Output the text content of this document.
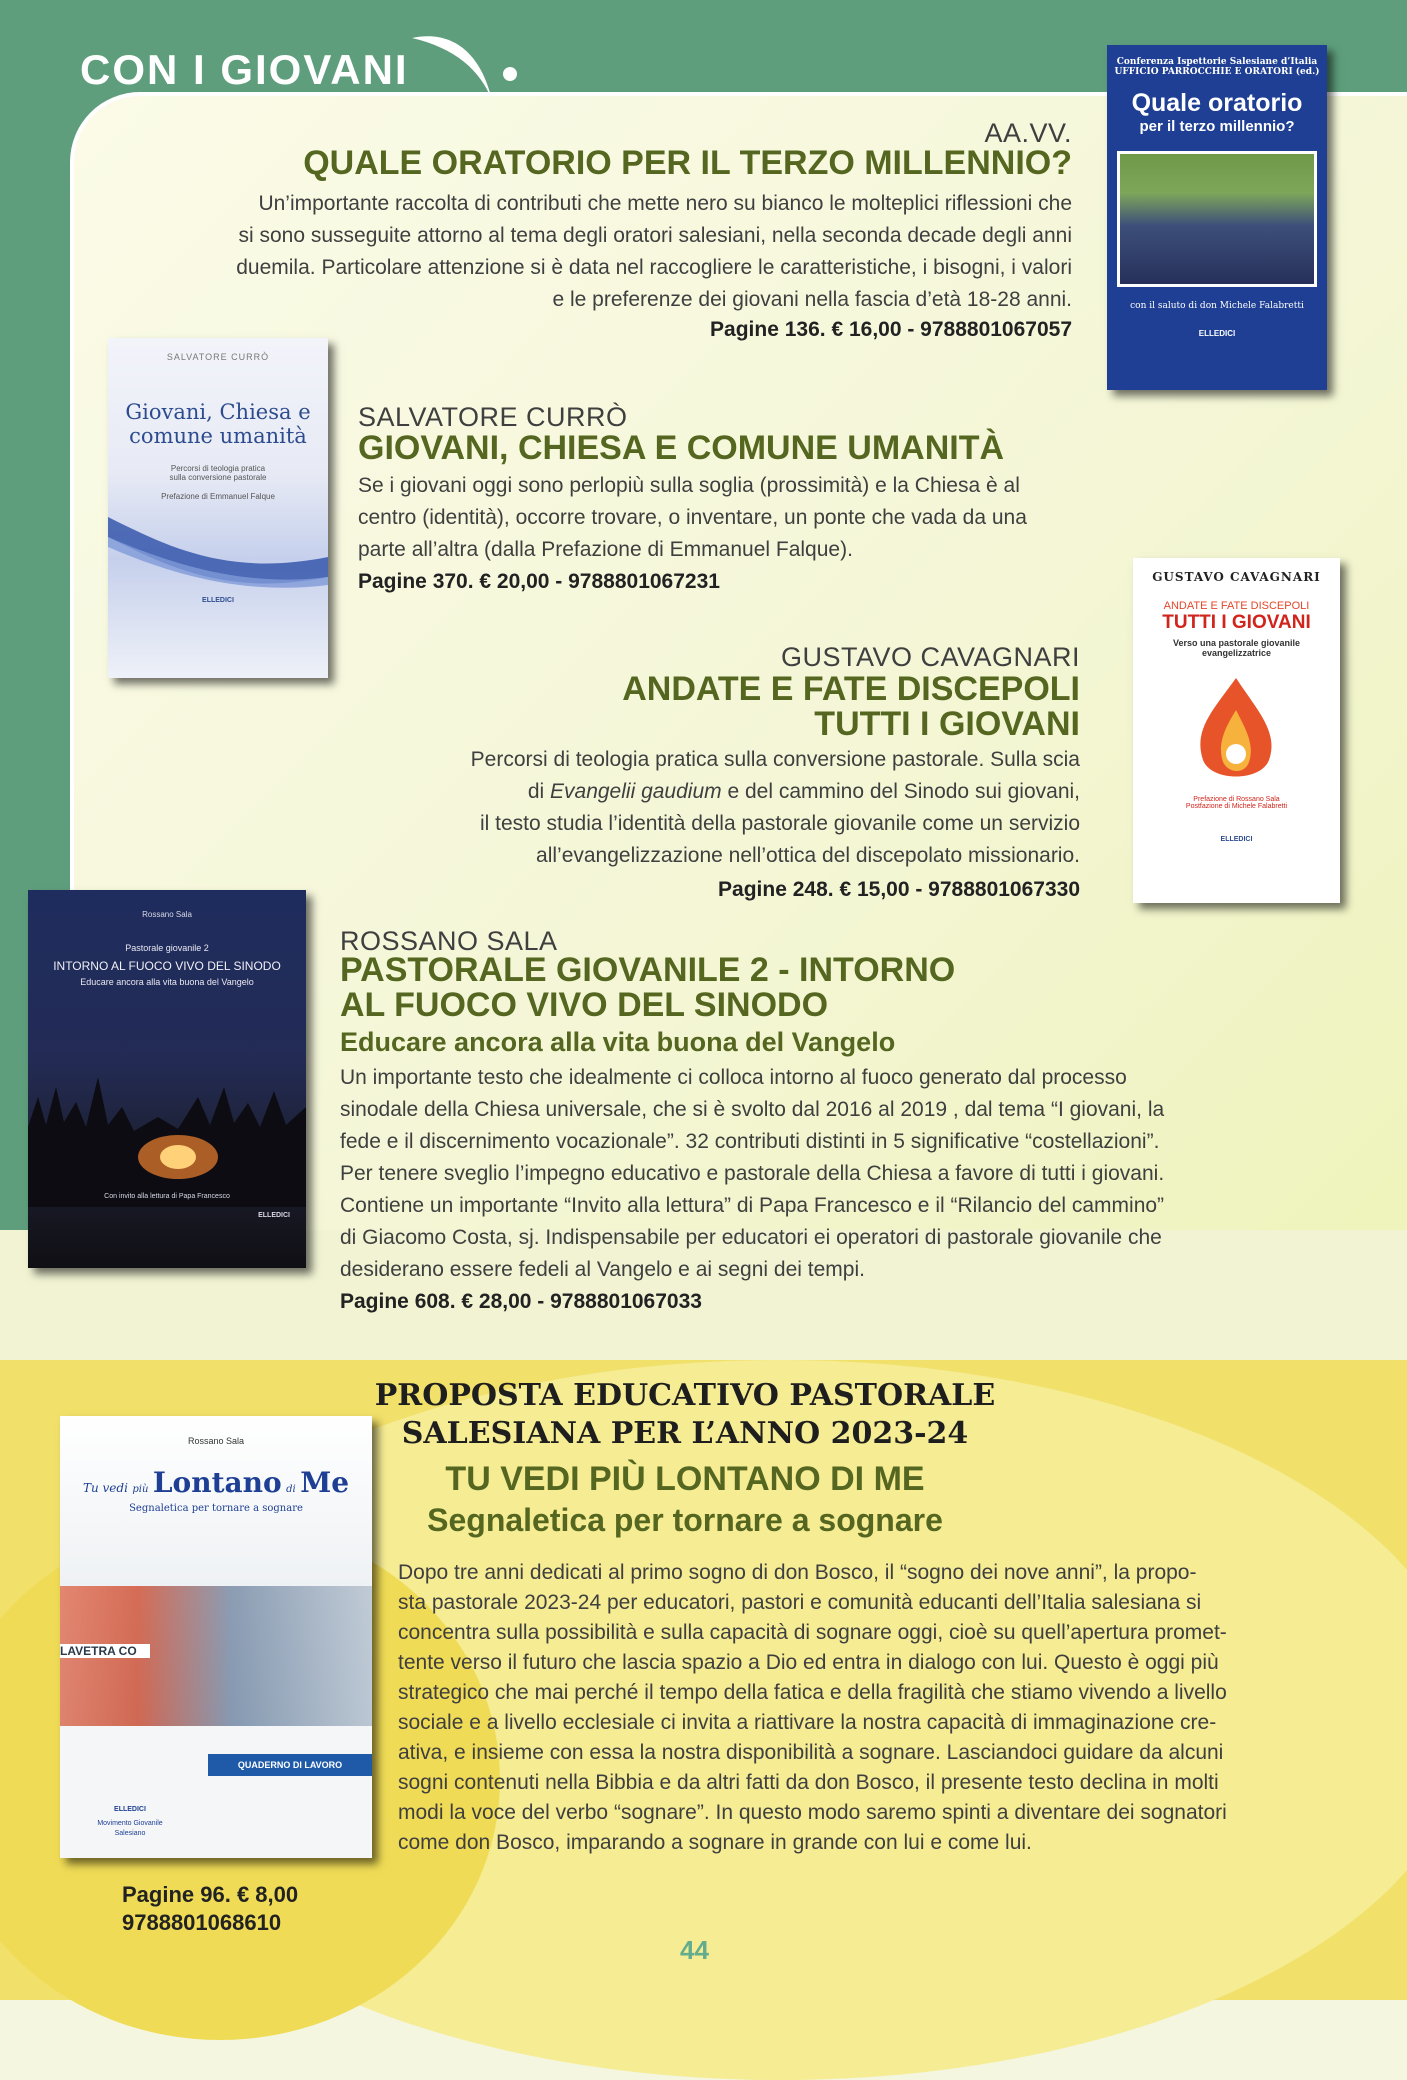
CON I GIOVANI
AA.VV.
QUALE ORATORIO PER IL TERZO MILLENNIO?
Un’importante raccolta di contributi che mette nero su bianco le molteplici riflessioni che
si sono susseguite attorno al tema degli oratori salesiani, nella seconda decade degli anni
duemila. Particolare attenzione si è data nel raccogliere le caratteristiche, i bisogni, i valori
e le preferenze dei giovani nella fascia d’età 18-28 anni.
Pagine 136. € 16,00 - 9788801067057
Conferenza Ispettorie Salesiane d’Italia
UFFICIO PARROCCHIE E ORATORI (ed.)
Quale oratorio
per il terzo millennio?
con il saluto di don Michele Falabretti
ELLEDICI
SALVATORE CURRÒ
Giovani, Chiesa e
comune umanità
Percorsi di teologia pratica
sulla conversione pastorale
Prefazione di Emmanuel Falque
ELLEDICI
SALVATORE CURRÒ
GIOVANI, CHIESA E COMUNE UMANITÀ
Se i giovani oggi sono perlopiù sulla soglia (prossimità) e la Chiesa è al
centro (identità), occorre trovare, o inventare, un ponte che vada da una
parte all’altra (dalla Prefazione di Emmanuel Falque).
Pagine 370. € 20,00 - 9788801067231
GUSTAVO CAVAGNARI
ANDATE E FATE DISCEPOLI
TUTTI I GIOVANI
Percorsi di teologia pratica sulla conversione pastorale. Sulla scia
di Evangelii gaudium e del cammino del Sinodo sui giovani,
il testo studia l’identità della pastorale giovanile come un servizio
all’evangelizzazione nell’ottica del discepolato missionario.
Pagine 248. € 15,00 - 9788801067330
GUSTAVO CAVAGNARI
ANDATE E FATE DISCEPOLI
TUTTI I GIOVANI
Verso una pastorale giovanile
evangelizzatrice
Prefazione di Rossano Sala
Postfazione di Michele Falabretti
ELLEDICI
Rossano Sala
Pastorale giovanile 2
INTORNO AL FUOCO VIVO DEL SINODO
Educare ancora alla vita buona del Vangelo
Con invito alla lettura di Papa Francesco
ELLEDICI
ROSSANO SALA
PASTORALE GIOVANILE 2 - INTORNO
AL FUOCO VIVO DEL SINODO
Educare ancora alla vita buona del Vangelo
Un importante testo che idealmente ci colloca intorno al fuoco generato dal processo
sinodale della Chiesa universale, che si è svolto dal 2016 al 2019 , dal tema “I giovani, la
fede e il discernimento vocazionale”. 32 contributi distinti in 5 significative “costellazioni”.
Per tenere sveglio l’impegno educativo e pastorale della Chiesa a favore di tutti i giovani.
Contiene un importante “Invito alla lettura” di Papa Francesco e il “Rilancio del cammino”
di Giacomo Costa, sj. Indispensabile per educatori ei operatori di pastorale giovanile che
desiderano essere fedeli al Vangelo e ai segni dei tempi.
Pagine 608. € 28,00 - 9788801067033
PROPOSTA EDUCATIVO PASTORALE
SALESIANA PER L’ANNO 2023-24
TU VEDI PIÙ LONTANO DI ME
Segnaletica per tornare a sognare
Dopo tre anni dedicati al primo sogno di don Bosco, il “sogno dei nove anni”, la propo-
sta pastorale 2023-24 per educatori, pastori e comunità educanti dell’Italia salesiana si
concentra sulla possibilità e sulla capacità di sognare oggi, cioè su quell’apertura promet-
tente verso il futuro che lascia spazio a Dio ed entra in dialogo con lui. Questo è oggi più
strategico che mai perché il tempo della fatica e della fragilità che stiamo vivendo a livello
sociale e a livello ecclesiale ci invita a riattivare la nostra capacità di immaginazione cre-
ativa, e insieme con essa la nostra disponibilità a sognare. Lasciandoci guidare da alcuni
sogni contenuti nella Bibbia e da altri fatti da don Bosco, il presente testo declina in molti
modi la voce del verbo “sognare”. In questo modo saremo spinti a diventare dei sognatori
come don Bosco, imparando a sognare in grande con lui e come lui.
Rossano Sala
Tu vedi più Lontano di Me
Segnaletica per tornare a sognare
LAVETRA CO
QUADERNO DI LAVORO
ELLEDICI
Movimento Giovanile
Salesiano
Pagine 96. € 8,00
9788801068610
44
